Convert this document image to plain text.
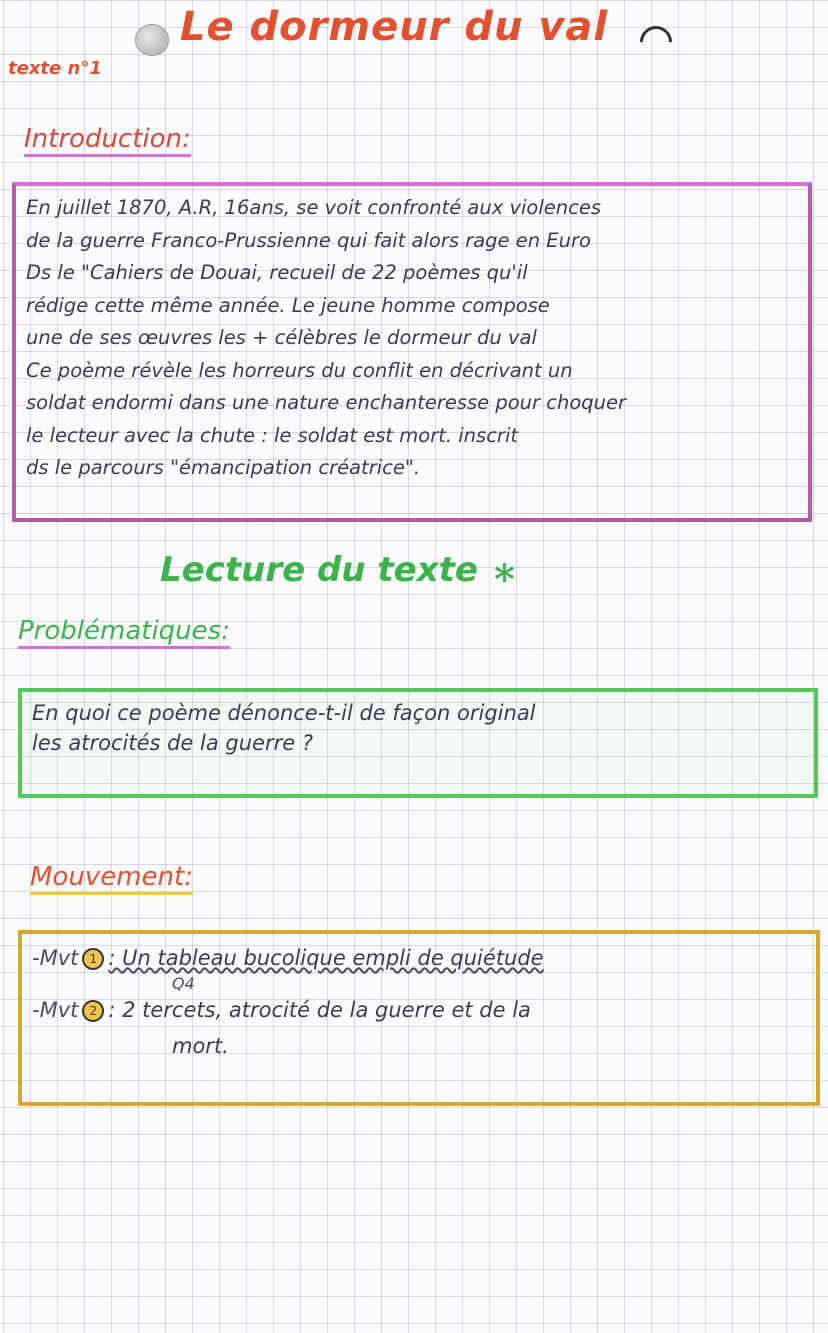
Le dormeur du val
texte n°1
Introduction:
En juillet 1870, A.R, 16ans, se voit confronté aux violences
de la guerre Franco-Prussienne qui fait alors rage en Euro
Ds le "Cahiers de Douai, recueil de 22 poèmes qu'il
rédige cette même année. Le jeune homme compose
une de ses œuvres les + célèbres le dormeur du val
Ce poème révèle les horreurs du conflit en décrivant un
soldat endormi dans une nature enchanteresse pour choquer
le lecteur avec la chute : le soldat est mort. inscrit
ds le parcours "émancipation créatrice".
Lecture du texte *
Problématiques:
En quoi ce poème dénonce-t-il de façon original
les atrocités de la guerre ?
Mouvement:
-Mvt 1 : Un tableau bucolique empli de quiétude
Q4
-Mvt 2 : 2 tercets, atrocité de la guerre et de la
mort.
